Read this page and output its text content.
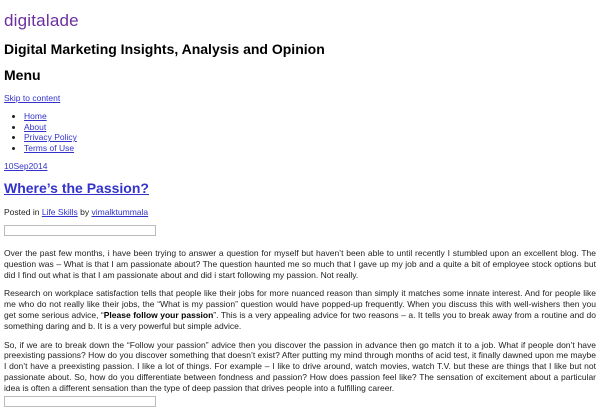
digitalade
Digital Marketing Insights, Analysis and Opinion
Menu
Skip to content
• Home
• About
• Privacy Policy
• Terms of Use
10Sep2014
Where’s the Passion?
Posted in Life Skills by vimalktummala

Over the past few months, i have been trying to answer a question for myself but haven’t been able to until recently I stumbled upon an excellent blog. The question was – What is that I am passionate about? The question haunted me so much that I gave up my job and a quite a bit of employee stock options but did I find out what is that I am passionate about and did i start following my passion. Not really.

Research on workplace satisfaction tells that people like their jobs for more nuanced reason than simply it matches some innate interest. And for people like me who do not really like their jobs, the “What is my passion” question would have popped-up frequently. When you discuss this with well-wishers then you get some serious advice, “Please follow your passion”. This is a very appealing advice for two reasons – a. It tells you to break away from a routine and do something daring and b. It is a very powerful but simple advice.

So, if we are to break down the “Follow your passion” advice then you discover the passion in advance then go match it to a job. What if people don’t have preexisting passions? How do you discover something that doesn’t exist? After putting my mind through months of acid test, it finally dawned upon me maybe I don’t have a preexisting passion. I like a lot of things. For example – I like to drive around, watch movies, watch T.V. but these are things that I like but not passionate about. So, how do you differentiate between fondness and passion? How does passion feel like? The sensation of excitement about a particular idea is often a different sensation than the type of deep passion that drives people into a fulfilling career.
